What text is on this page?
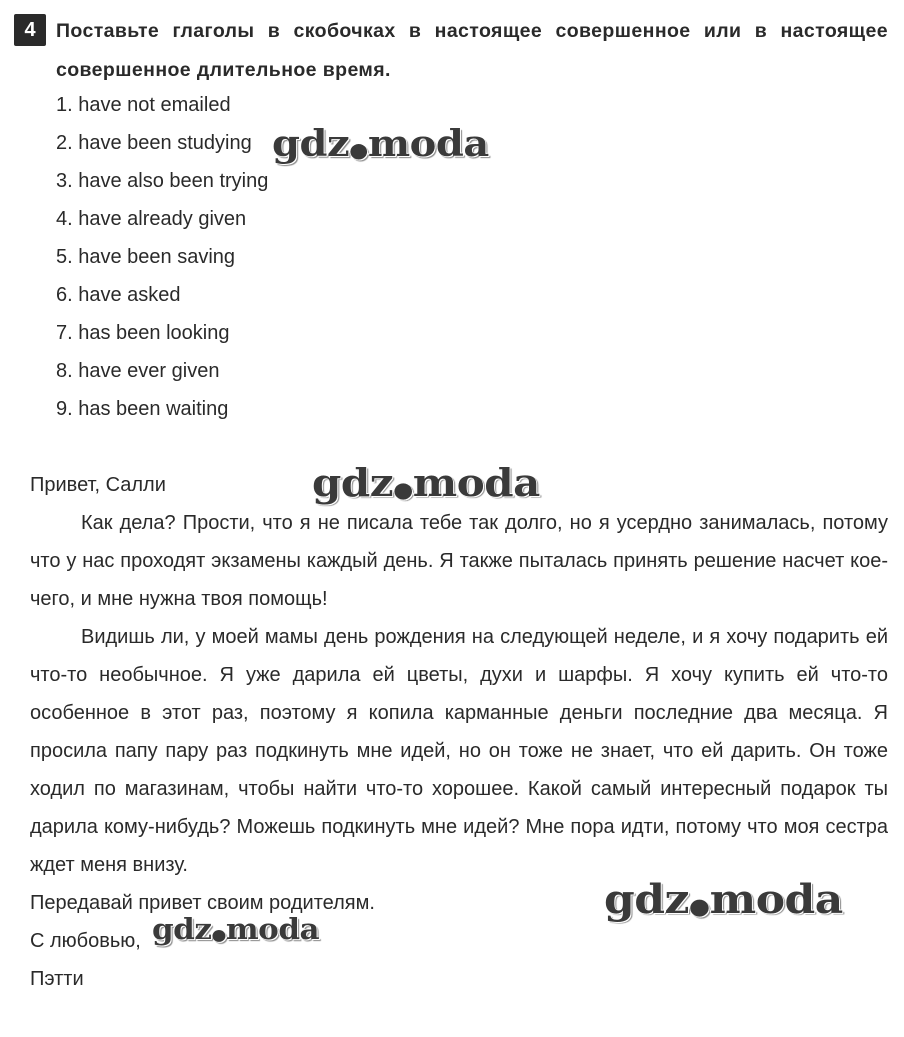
4	Поставьте глаголы в скобочках в настоящее совершенное или в настоящее совершенное длительное время.
1. have not emailed
2. have been studying
3. have also been trying
4. have already given
5. have been saving
6. have asked
7. has been looking
8. have ever given
9. has been waiting

Привет, Салли

Как дела? Прости, что я не писала тебе так долго, но я усердно занималась, потому что у нас проходят экзамены каждый день. Я также пыталась принять решение насчет кое-чего, и мне нужна твоя помощь!

Видишь ли, у моей мамы день рождения на следующей неделе, и я хочу подарить ей что-то необычное. Я уже дарила ей цветы, духи и шарфы. Я хочу купить ей что-то особенное в этот раз, поэтому я копила карманные деньги последние два месяца. Я просила папу пару раз подкинуть мне идей, но он тоже не знает, что ей дарить. Он тоже ходил по магазинам, чтобы найти что-то хорошее. Какой самый интересный подарок ты дарила кому-нибудь? Можешь подкинуть мне идей? Мне пора идти, потому что моя сестра ждет меня внизу.

Передавай привет своим родителям.

С любовью,

Пэтти

gdz●moda
gdz●moda
gdz●moda
gdz●moda
